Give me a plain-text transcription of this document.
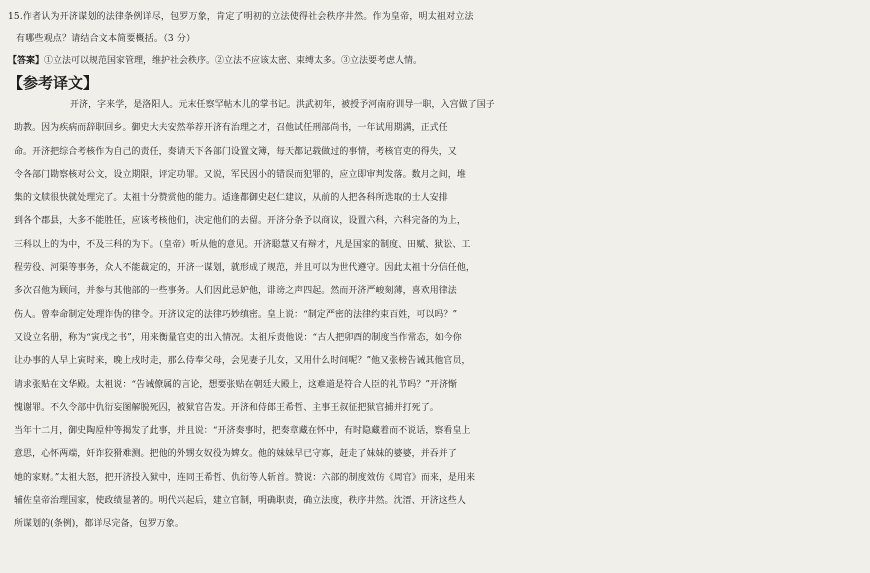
15.作者认为开济谋划的法律条例详尽，包罗万象，肯定了明初的立法使得社会秩序井然。作为皇帝，明太祖对立法
有哪些观点？请结合文本简要概括。（3 分）
【答案】①立法可以规范国家管理，维护社会秩序。②立法不应该太密、束缚太多。③立法要考虑人情。
【参考译文】
开济，字来学，是洛阳人。元末任察罕帖木儿的掌书记。洪武初年，被授予河南府训导一职，入宫做了国子
助教。因为疾病而辞职回乡。御史大夫安然举荐开济有治理之才，召他试任刑部尚书，一年试用期满，正式任
命。开济把综合考核作为自己的责任，奏请天下各部门设置文簿，每天都记载做过的事情，考核官吏的得失，又
令各部门勘察核对公文，设立期限，评定功罪。又说，军民因小的错误而犯罪的，应立即审判发落。数月之间，堆
集的文牍很快就处理完了。太祖十分赞赏他的能力。适逢都御史赵仁建议，从前的人把各科所选取的士人安排
到各个郡县，大多不能胜任，应该考核他们，决定他们的去留。开济分条予以商议，设置六科，六科完备的为上，
三科以上的为中，不及三科的为下。（皇帝）听从他的意见。开济聪慧又有辩才，凡是国家的制度、田赋、狱讼、工
程劳役、河渠等事务，众人不能裁定的，开济一谋划，就形成了规范，并且可以为世代遵守。因此太祖十分信任他，
多次召他为顾问，并参与其他部的一些事务。人们因此忌妒他，诽谤之声四起。然而开济严峻刻薄，喜欢用律法
伤人。曾奉命制定处理诈伪的律令。开济议定的法律巧妙缜密。皇上说：“制定严密的法律约束百姓，可以吗？”
又设立名册，称为“寅戌之书”，用来衡量官吏的出入情况。太祖斥责他说：“古人把卯酉的制度当作常态，如今你
让办事的人早上寅时来，晚上戌时走，那么侍奉父母，会见妻子儿女，又用什么时间呢？”他又张榜告诫其他官员，
请求张贴在文华殿。太祖说：“告诫僚属的言论，想要张贴在朝廷大殿上，这难道是符合人臣的礼节吗？”开济惭
愧谢罪。不久令部中仇衍妄图解脱死囚，被狱官告发。开济和侍郎王希哲、主事王叔征把狱官捕并打死了。
当年十二月，御史陶垕仲等揭发了此事，并且说：“开济奏事时，把奏章藏在怀中，有时隐藏着而不说话，察看皇上
意思，心怀两端，奸诈狡猾难测。把他的外甥女奴役为婢女。他的妹妹早已守寡，赶走了妹妹的婆婆，并吞并了
她的家财。”太祖大怒，把开济投入狱中，连同王希哲、仇衍等人斩首。赞说：六部的制度效仿《周官》而来，是用来
辅佐皇帝治理国家，使政绩显著的。明代兴起后，建立官制，明确职责，确立法度，秩序井然。沈溍、开济这些人
所谋划的(条例)，都详尽完备，包罗万象。
